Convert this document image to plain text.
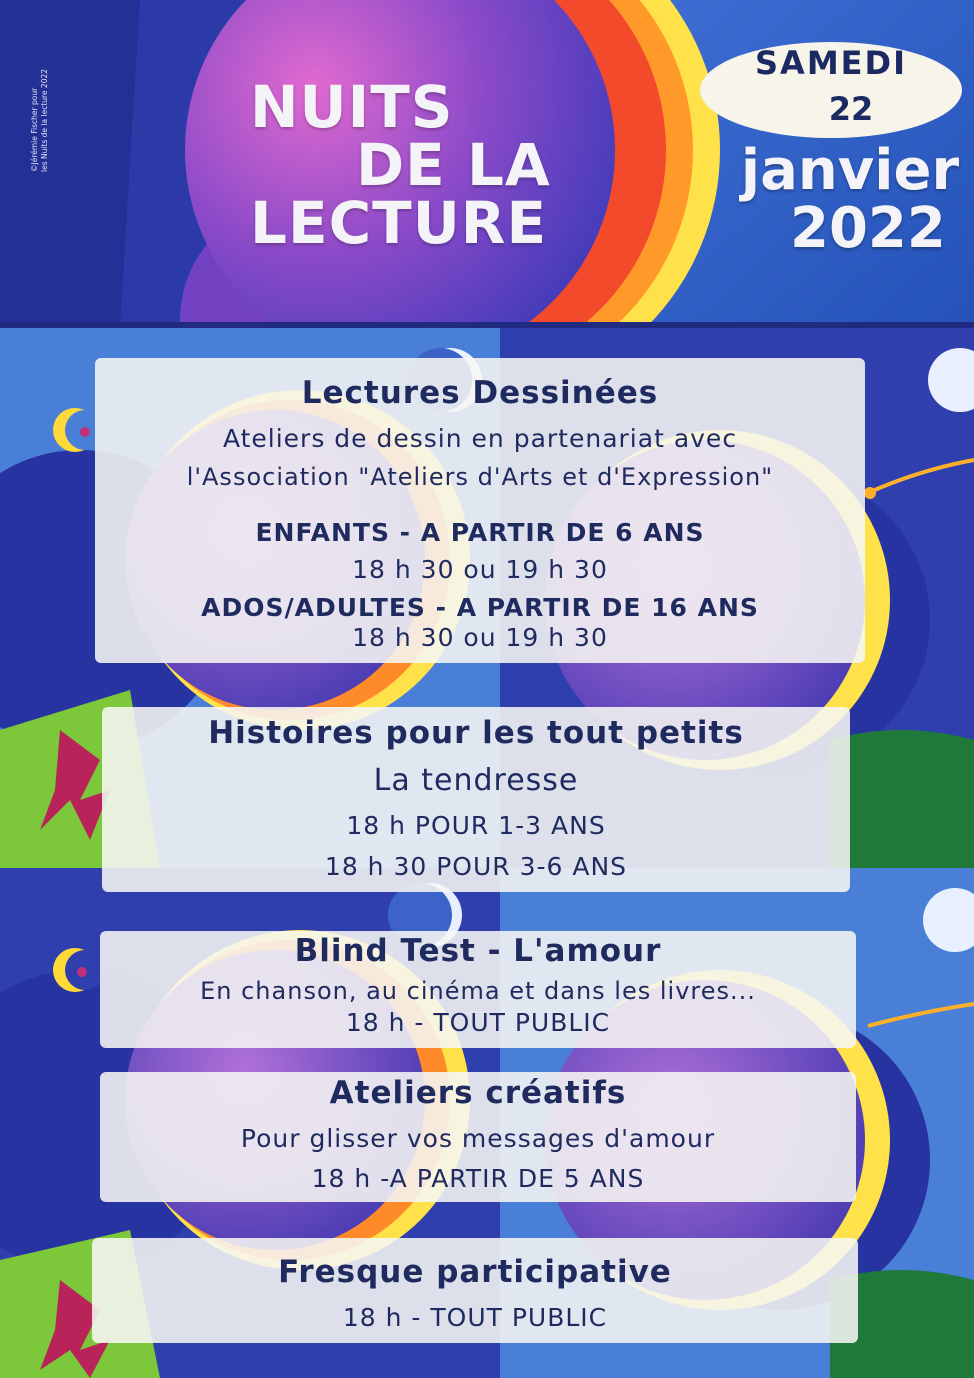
©Jérémie Fischer pour
les Nuits de la lecture 2022	NUITS
DE LA
LECTURE
SAMEDI
22
janvier
2022
Lectures Dessinées
Ateliers de dessin en partenariat avec
l'Association "Ateliers d'Arts et d'Expression"
ENFANTS - A PARTIR DE 6 ANS
18 h 30 ou 19 h 30
ADOS/ADULTES - A PARTIR DE 16 ANS
18 h 30 ou 19 h 30
Histoires pour les tout petits
La tendresse
18 h POUR 1-3 ANS
18 h 30 POUR 3-6 ANS
Blind Test - L'amour
En chanson, au cinéma et dans les livres...
18 h - TOUT PUBLIC
Ateliers créatifs
Pour glisser vos messages d'amour
18 h -A PARTIR DE 5 ANS
Fresque participative
18 h - TOUT PUBLIC
